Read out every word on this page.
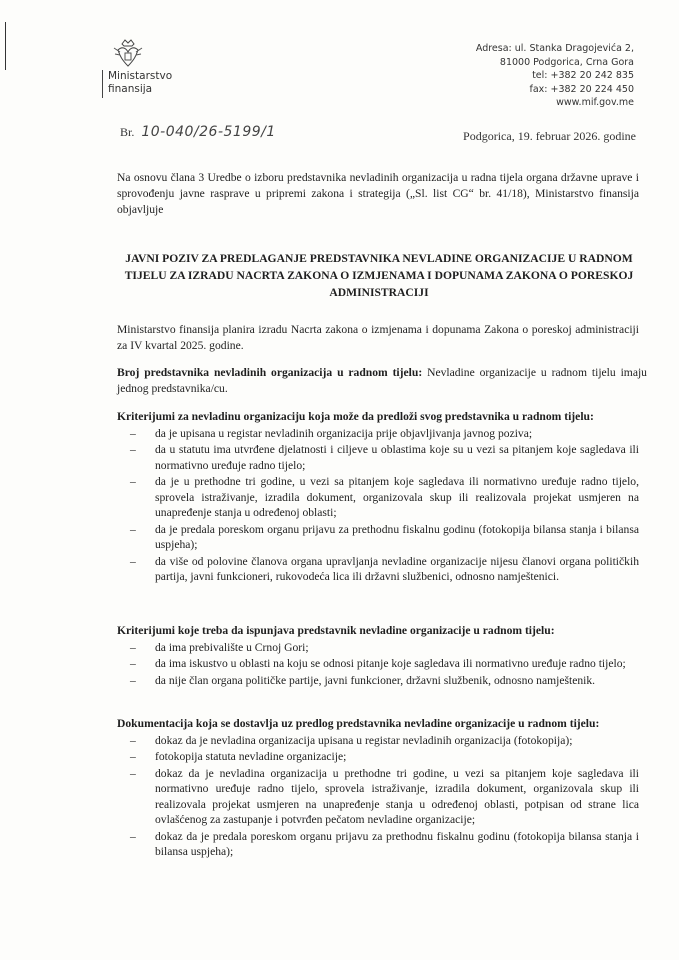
Ministarstvo
finansija
Adresa: ul. Stanka Dragojevića 2,
81000 Podgorica, Crna Gora
tel: +382 20 242 835
fax: +382 20 224 450
www.mif.gov.me
Br. 10-040/26-5199/1	Podgorica, 19. februar 2026. godine
Na osnovu člana 3 Uredbe o izboru predstavnika nevladinih organizacija u radna tijela organa državne uprave i sprovođenju javne rasprave u pripremi zakona i strategija („Sl. list CG“ br. 41/18), Ministarstvo finansija objavljuje
JAVNI POZIV ZA PREDLAGANJE PREDSTAVNIKA NEVLADINE ORGANIZACIJE U RADNOM TIJELU ZA IZRADU NACRTA ZAKONA O IZMJENAMA I DOPUNAMA ZAKONA O PORESKOJ ADMINISTRACIJI
Ministarstvo finansija planira izradu Nacrta zakona o izmjenama i dopunama Zakona o poreskoj administraciji za IV kvartal 2025. godine.
Broj predstavnika nevladinih organizacija u radnom tijelu: Nevladine organizacije u radnom tijelu imaju jednog predstavnika/cu.
Kriterijumi za nevladinu organizaciju koja može da predloži svog predstavnika u radnom tijelu:
– da je upisana u registar nevladinih organizacija prije objavljivanja javnog poziva;
– da u statutu ima utvrđene djelatnosti i ciljeve u oblastima koje su u vezi sa pitanjem koje sagledava ili normativno uređuje radno tijelo;
– da je u prethodne tri godine, u vezi sa pitanjem koje sagledava ili normativno uređuje radno tijelo, sprovela istraživanje, izradila dokument, organizovala skup ili realizovala projekat usmjeren na unapređenje stanja u određenoj oblasti;
– da je predala poreskom organu prijavu za prethodnu fiskalnu godinu (fotokopija bilansa stanja i bilansa uspjeha);
– da više od polovine članova organa upravljanja nevladine organizacije nijesu članovi organa političkih partija, javni funkcioneri, rukovodeća lica ili državni službenici, odnosno namještenici.
Kriterijumi koje treba da ispunjava predstavnik nevladine organizacije u radnom tijelu:
– da ima prebivalište u Crnoj Gori;
– da ima iskustvo u oblasti na koju se odnosi pitanje koje sagledava ili normativno uređuje radno tijelo;
– da nije član organa političke partije, javni funkcioner, državni službenik, odnosno namještenik.
Dokumentacija koja se dostavlja uz predlog predstavnika nevladine organizacije u radnom tijelu:
– dokaz da je nevladina organizacija upisana u registar nevladinih organizacija (fotokopija);
– fotokopija statuta nevladine organizacije;
– dokaz da je nevladina organizacija u prethodne tri godine, u vezi sa pitanjem koje sagledava ili normativno uređuje radno tijelo, sprovela istraživanje, izradila dokument, organizovala skup ili realizovala projekat usmjeren na unapređenje stanja u određenoj oblasti, potpisan od strane lica ovlašćenog za zastupanje i potvrđen pečatom nevladine organizacije;
– dokaz da je predala poreskom organu prijavu za prethodnu fiskalnu godinu (fotokopija bilansa stanja i bilansa uspjeha);
